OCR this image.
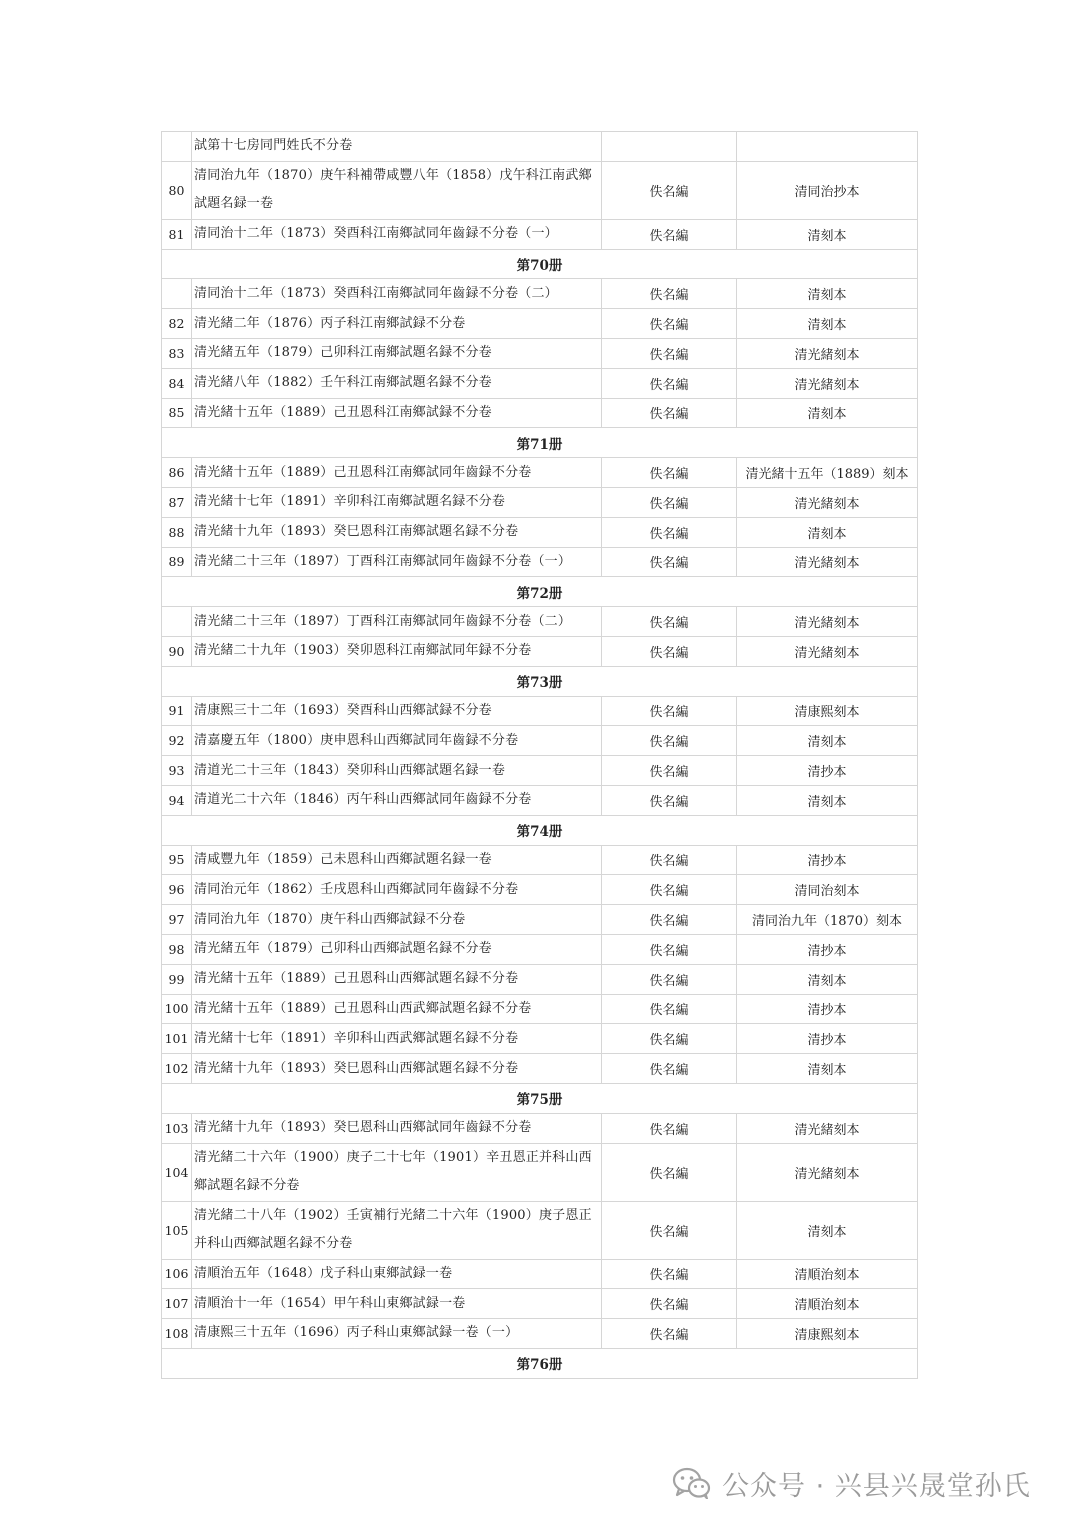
	試第十七房同門姓氏不分卷		
80	清同治九年（1870）庚午科補帶咸豐八年（1858）戊午科江南武鄉試題名録一卷	佚名編	清同治抄本
81	清同治十二年（1873）癸酉科江南鄉試同年齒録不分卷（一）	佚名編	清刻本
第70册			
	清同治十二年（1873）癸酉科江南鄉試同年齒録不分卷（二）	佚名編	清刻本
82	清光緒二年（1876）丙子科江南鄉試録不分卷	佚名編	清刻本
83	清光緒五年（1879）己卯科江南鄉試題名録不分卷	佚名編	清光緒刻本
84	清光緒八年（1882）壬午科江南鄉試題名録不分卷	佚名編	清光緒刻本
85	清光緒十五年（1889）己丑恩科江南鄉試録不分卷	佚名編	清刻本
第71册			
86	清光緒十五年（1889）己丑恩科江南鄉試同年齒録不分卷	佚名編	清光緒十五年（1889）刻本
87	清光緒十七年（1891）辛卯科江南鄉試題名録不分卷	佚名編	清光緒刻本
88	清光緒十九年（1893）癸巳恩科江南鄉試題名録不分卷	佚名編	清刻本
89	清光緒二十三年（1897）丁酉科江南鄉試同年齒録不分卷（一）	佚名編	清光緒刻本
第72册			
	清光緒二十三年（1897）丁酉科江南鄉試同年齒録不分卷（二）	佚名編	清光緒刻本
90	清光緒二十九年（1903）癸卯恩科江南鄉試同年録不分卷	佚名編	清光緒刻本
第73册			
91	清康熙三十二年（1693）癸酉科山西鄉試録不分卷	佚名編	清康熙刻本
92	清嘉慶五年（1800）庚申恩科山西鄉試同年齒録不分卷	佚名編	清刻本
93	清道光二十三年（1843）癸卯科山西鄉試題名録一卷	佚名編	清抄本
94	清道光二十六年（1846）丙午科山西鄉試同年齒録不分卷	佚名編	清刻本
第74册			
95	清咸豐九年（1859）己未恩科山西鄉試題名録一卷	佚名編	清抄本
96	清同治元年（1862）壬戌恩科山西鄉試同年齒録不分卷	佚名編	清同治刻本
97	清同治九年（1870）庚午科山西鄉試録不分卷	佚名編	清同治九年（1870）刻本
98	清光緒五年（1879）己卯科山西鄉試題名録不分卷	佚名編	清抄本
99	清光緒十五年（1889）己丑恩科山西鄉試題名録不分卷	佚名編	清刻本
100	清光緒十五年（1889）己丑恩科山西武鄉試題名録不分卷	佚名編	清抄本
101	清光緒十七年（1891）辛卯科山西武鄉試題名録不分卷	佚名編	清抄本
102	清光緒十九年（1893）癸巳恩科山西鄉試題名録不分卷	佚名編	清刻本
第75册			
103	清光緒十九年（1893）癸巳恩科山西鄉試同年齒録不分卷	佚名編	清光緒刻本
104	清光緒二十六年（1900）庚子二十七年（1901）辛丑恩正并科山西鄉試題名録不分卷	佚名編	清光緒刻本
105	清光緒二十八年（1902）壬寅補行光緒二十六年（1900）庚子恩正并科山西鄉試題名録不分卷	佚名編	清刻本
106	清順治五年（1648）戊子科山東鄉試録一卷	佚名編	清順治刻本
107	清順治十一年（1654）甲午科山東鄉試録一卷	佚名編	清順治刻本
108	清康熙三十五年（1696）丙子科山東鄉試録一卷（一）	佚名編	清康熙刻本
第76册			
公众号 · 兴县兴晟堂孙氏
